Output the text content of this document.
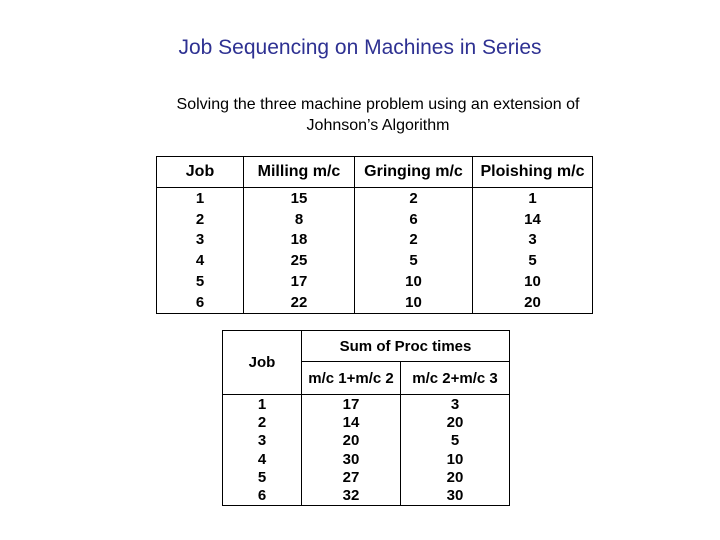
Job Sequencing on Machines in Series
Solving the three machine problem using an extension of
Johnson’s Algorithm
Job	Milling m/c	Gringing m/c	Ploishing m/c
1	15	2	1
2	8	6	14
3	18	2	3
4	25	5	5
5	17	10	10
6	22	10	20
Job	Sum of Proc times	
	m/c 1+m/c 2	m/c 2+m/c 3
1	17	3
2	14	20
3	20	5
4	30	10
5	27	20
6	32	30
